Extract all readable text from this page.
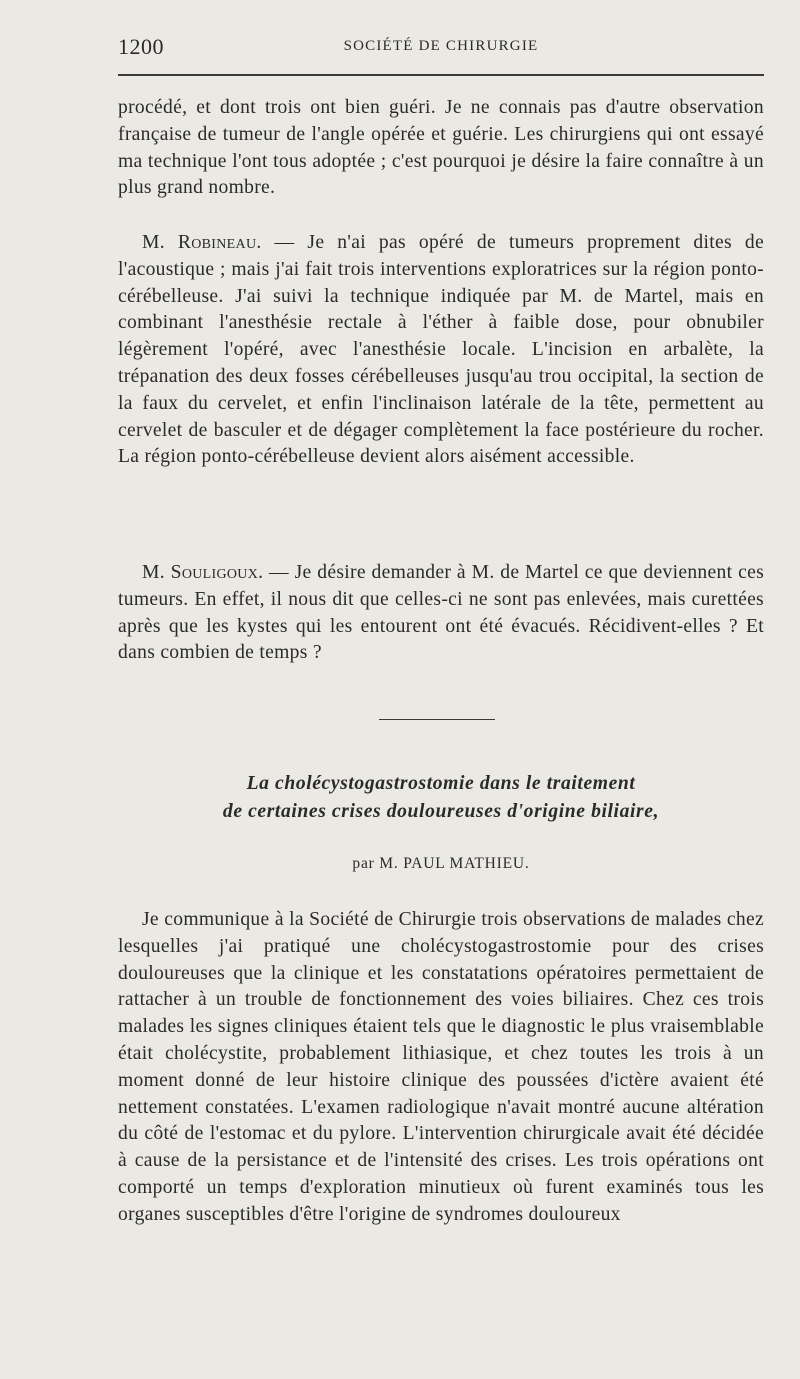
1200	SOCIÉTÉ DE CHIRURGIE

procédé, et dont trois ont bien guéri. Je ne connais pas d'autre observation française de tumeur de l'angle opérée et guérie. Les chirurgiens qui ont essayé ma technique l'ont tous adoptée ; c'est pourquoi je désire la faire connaître à un plus grand nombre.

M. Robineau. — Je n'ai pas opéré de tumeurs proprement dites de l'acoustique ; mais j'ai fait trois interventions exploratrices sur la région ponto-cérébelleuse. J'ai suivi la technique indiquée par M. de Martel, mais en combinant l'anesthésie rectale à l'éther à faible dose, pour obnubiler légèrement l'opéré, avec l'anesthésie locale. L'incision en arbalète, la trépanation des deux fosses cérébelleuses jusqu'au trou occipital, la section de la faux du cervelet, et enfin l'inclinaison latérale de la tête, permettent au cervelet de basculer et de dégager complètement la face postérieure du rocher. La région ponto-cérébelleuse devient alors aisément accessible.

M. Souligoux. — Je désire demander à M. de Martel ce que deviennent ces tumeurs. En effet, il nous dit que celles-ci ne sont pas enlevées, mais curettées après que les kystes qui les entourent ont été évacués. Récidivent-elles ? Et dans combien de temps ?

La cholécystogastrostomie dans le traitement
de certaines crises douloureuses d'origine biliaire,

par M. PAUL MATHIEU.

Je communique à la Société de Chirurgie trois observations de malades chez lesquelles j'ai pratiqué une cholécystogastrostomie pour des crises douloureuses que la clinique et les constatations opératoires permettaient de rattacher à un trouble de fonctionnement des voies biliaires. Chez ces trois malades les signes cliniques étaient tels que le diagnostic le plus vraisemblable était cholécystite, probablement lithiasique, et chez toutes les trois à un moment donné de leur histoire clinique des poussées d'ictère avaient été nettement constatées. L'examen radiologique n'avait montré aucune altération du côté de l'estomac et du pylore. L'intervention chirurgicale avait été décidée à cause de la persistance et de l'intensité des crises. Les trois opérations ont comporté un temps d'exploration minutieux où furent examinés tous les organes susceptibles d'être l'origine de syndromes douloureux
